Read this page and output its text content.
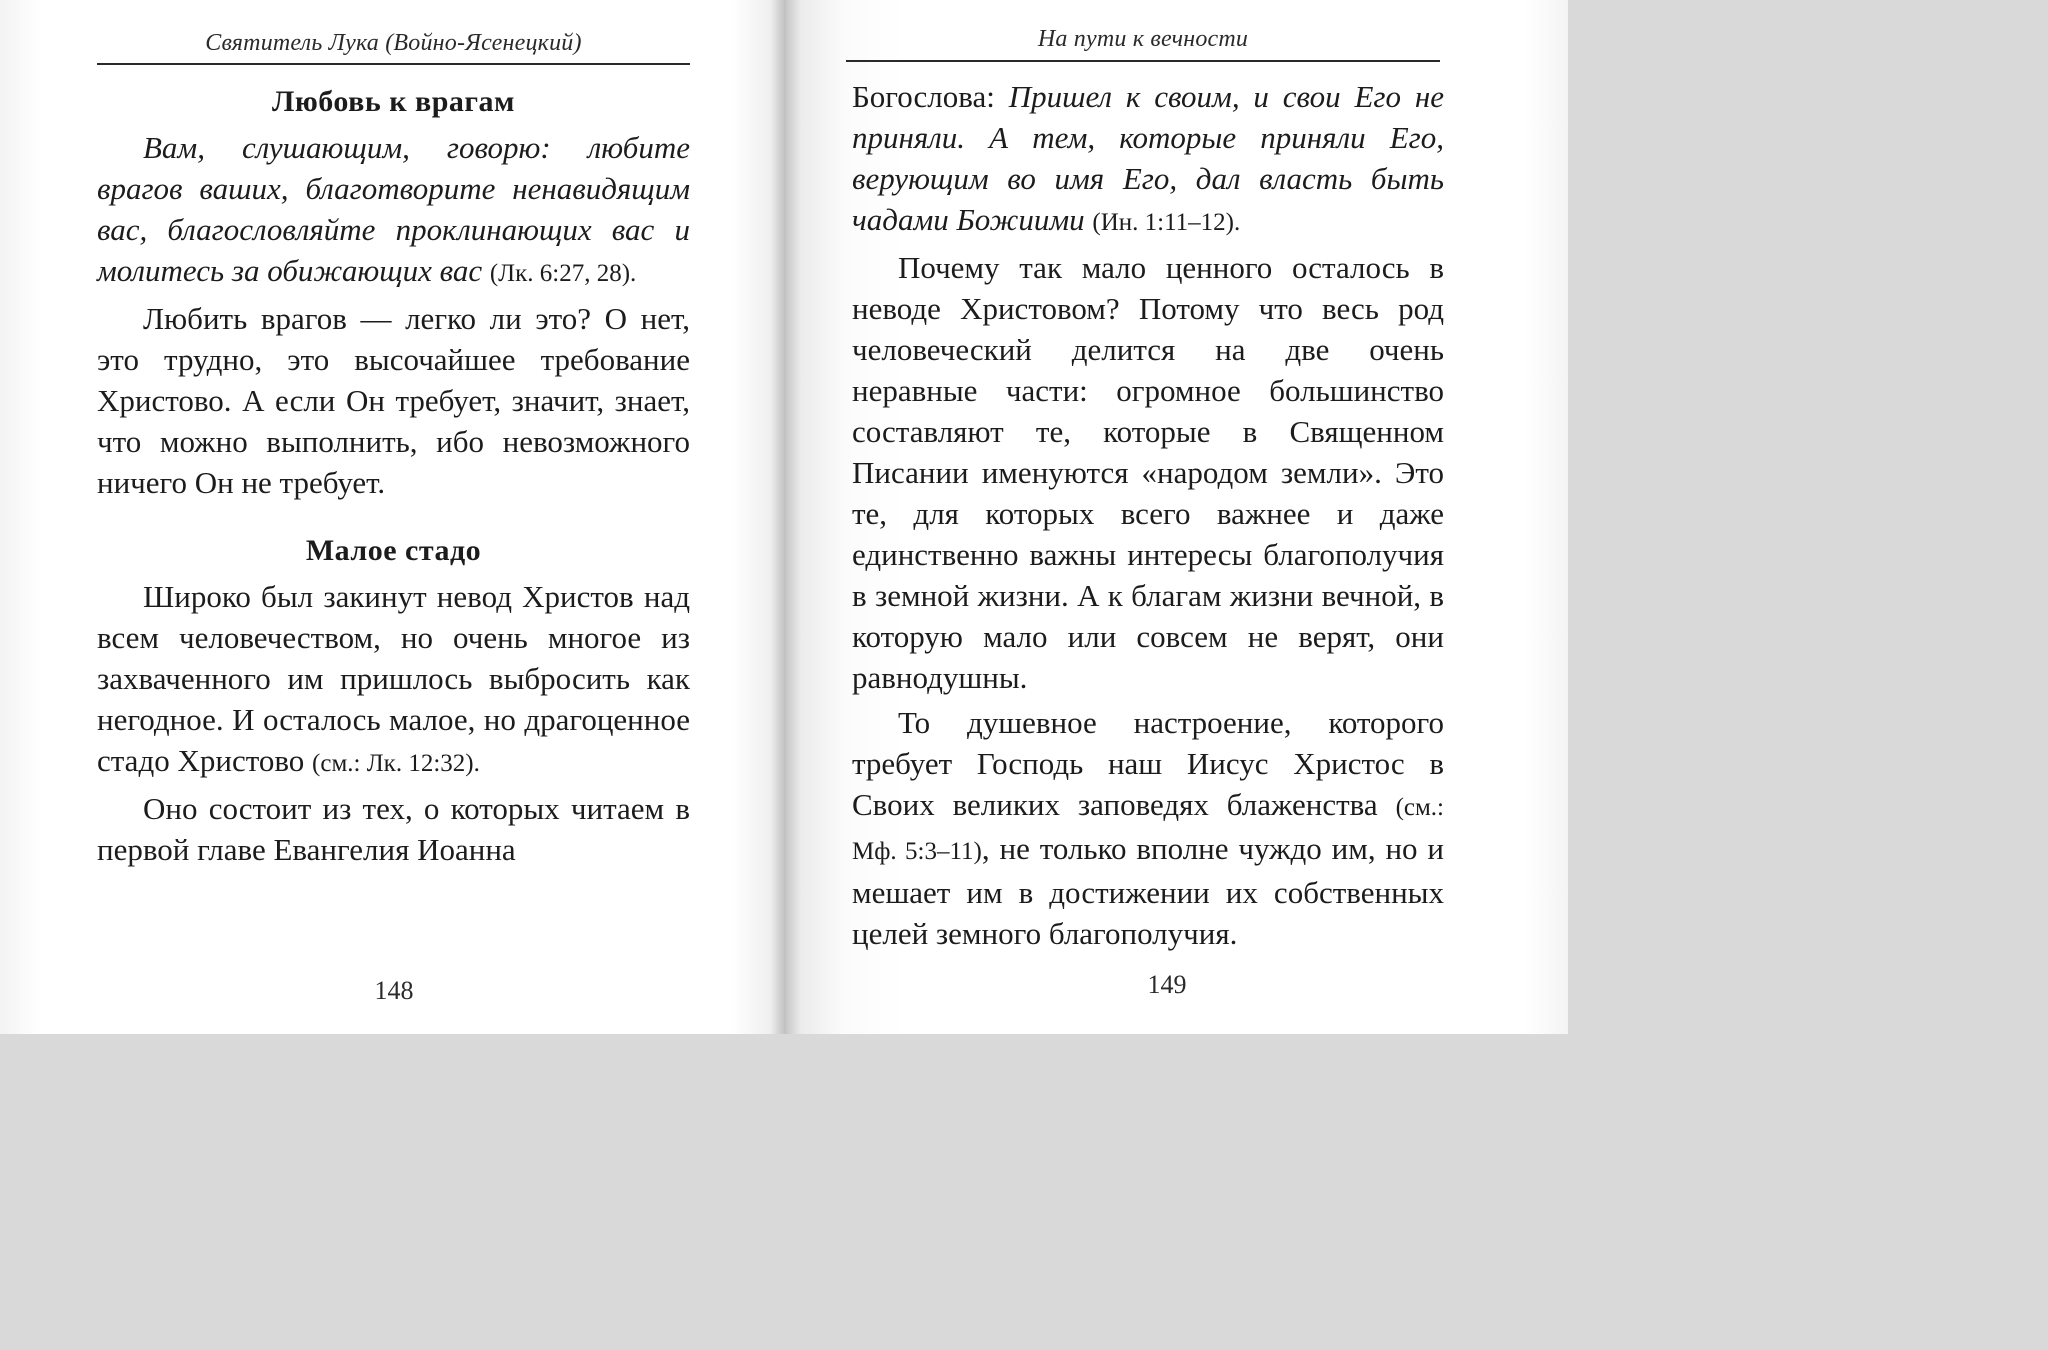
Святитель Лука (Войно-Ясенецкий)
Любовь к врагам

Вам, слушающим, говорю: любите врагов ваших, благотворите ненавидящим вас, благословляйте проклинающих вас и молитесь за обижающих вас (Лк. 6:27, 28).

Любить врагов — легко ли это? О нет, это трудно, это высочайшее требование Христово. А если Он требует, значит, знает, что можно выполнить, ибо невозможного ничего Он не требует.

Малое стадо

Широко был закинут невод Христов над всем человечеством, но очень многое из захваченного им пришлось выбросить как негодное. И осталось малое, но драгоценное стадо Христово (см.: Лк. 12:32).

Оно состоит из тех, о которых читаем в первой главе Евангелия Иоанна

148
На пути к вечности

Богослова: Пришел к своим, и свои Его не приняли. А тем, которые приняли Его, верующим во имя Его, дал власть быть чадами Божиими (Ин. 1:11–12).

Почему так мало ценного осталось в неводе Христовом? Потому что весь род человеческий делится на две очень неравные части: огромное большинство составляют те, которые в Священном Писании именуются «народом земли». Это те, для которых всего важнее и даже единственно важны интересы благополучия в земной жизни. А к благам жизни вечной, в которую мало или совсем не верят, они равнодушны.

То душевное настроение, которого требует Господь наш Иисус Христос в Своих великих заповедях блаженства (см.: Мф. 5:3–11), не только вполне чуждо им, но и мешает им в достижении их собственных целей земного благополучия.

149
